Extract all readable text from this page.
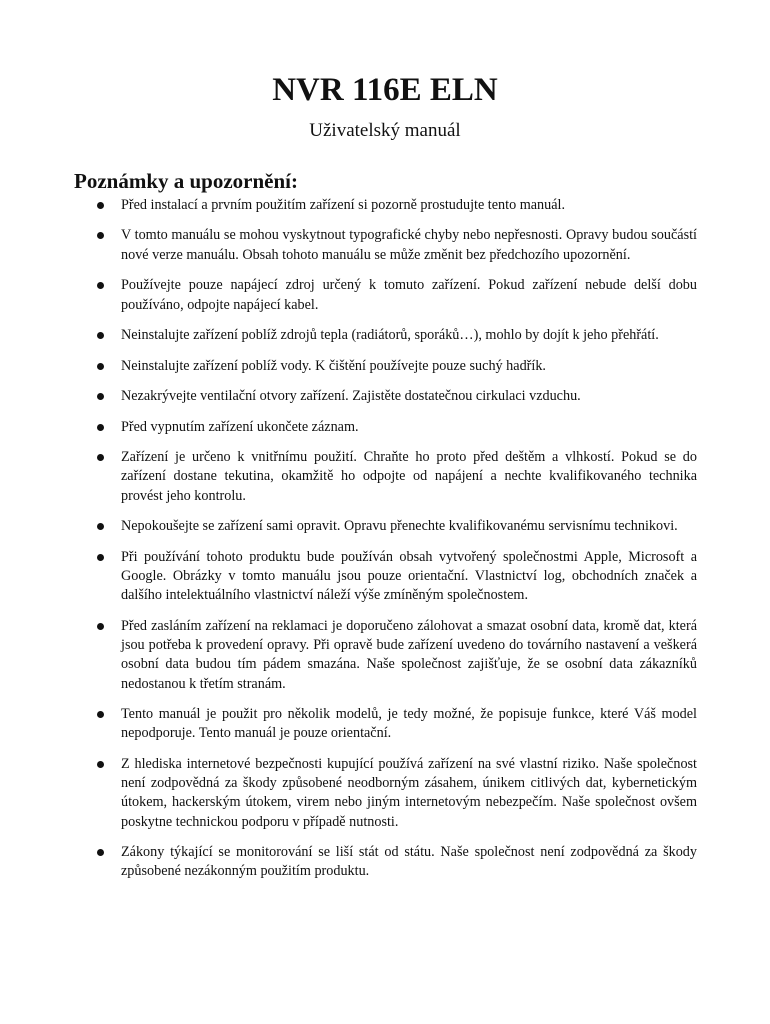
NVR 116E ELN
Uživatelský manuál
Poznámky a upozornění:
Před instalací a prvním použitím zařízení si pozorně prostudujte tento manuál.
V tomto manuálu se mohou vyskytnout typografické chyby nebo nepřesnosti. Opravy budou součástí nové verze manuálu. Obsah tohoto manuálu se může změnit bez předchozího upozornění.
Používejte pouze napájecí zdroj určený k tomuto zařízení. Pokud zařízení nebude delší dobu používáno, odpojte napájecí kabel.
Neinstalujte zařízení poblíž zdrojů tepla (radiátorů, sporáků…), mohlo by dojít k jeho přehřátí.
Neinstalujte zařízení poblíž vody. K čištění používejte pouze suchý hadřík.
Nezakrývejte ventilační otvory zařízení. Zajistěte dostatečnou cirkulaci vzduchu.
Před vypnutím zařízení ukončete záznam.
Zařízení je určeno k vnitřnímu použití. Chraňte ho proto před deštěm a vlhkostí. Pokud se do zařízení dostane tekutina, okamžitě ho odpojte od napájení a nechte kvalifikovaného technika provést jeho kontrolu.
Nepokoušejte se zařízení sami opravit. Opravu přenechte kvalifikovanému servisnímu technikovi.
Při používání tohoto produktu bude používán obsah vytvořený společnostmi Apple, Microsoft a Google. Obrázky v tomto manuálu jsou pouze orientační. Vlastnictví log, obchodních značek a dalšího intelektuálního vlastnictví náleží výše zmíněným společnostem.
Před zasláním zařízení na reklamaci je doporučeno zálohovat a smazat osobní data, kromě dat, která jsou potřeba k provedení opravy. Při opravě bude zařízení uvedeno do továrního nastavení a veškerá osobní data budou tím pádem smazána. Naše společnost zajišťuje, že se osobní data zákazníků nedostanou k třetím stranám.
Tento manuál je použit pro několik modelů, je tedy možné, že popisuje funkce, které Váš model nepodporuje. Tento manuál je pouze orientační.
Z hlediska internetové bezpečnosti kupující používá zařízení na své vlastní riziko. Naše společnost není zodpovědná za škody způsobené neodborným zásahem, únikem citlivých dat, kybernetickým útokem, hackerským útokem, virem nebo jiným internetovým nebezpečím. Naše společnost ovšem poskytne technickou podporu v případě nutnosti.
Zákony týkající se monitorování se liší stát od státu. Naše společnost není zodpovědná za škody způsobené nezákonným použitím produktu.
